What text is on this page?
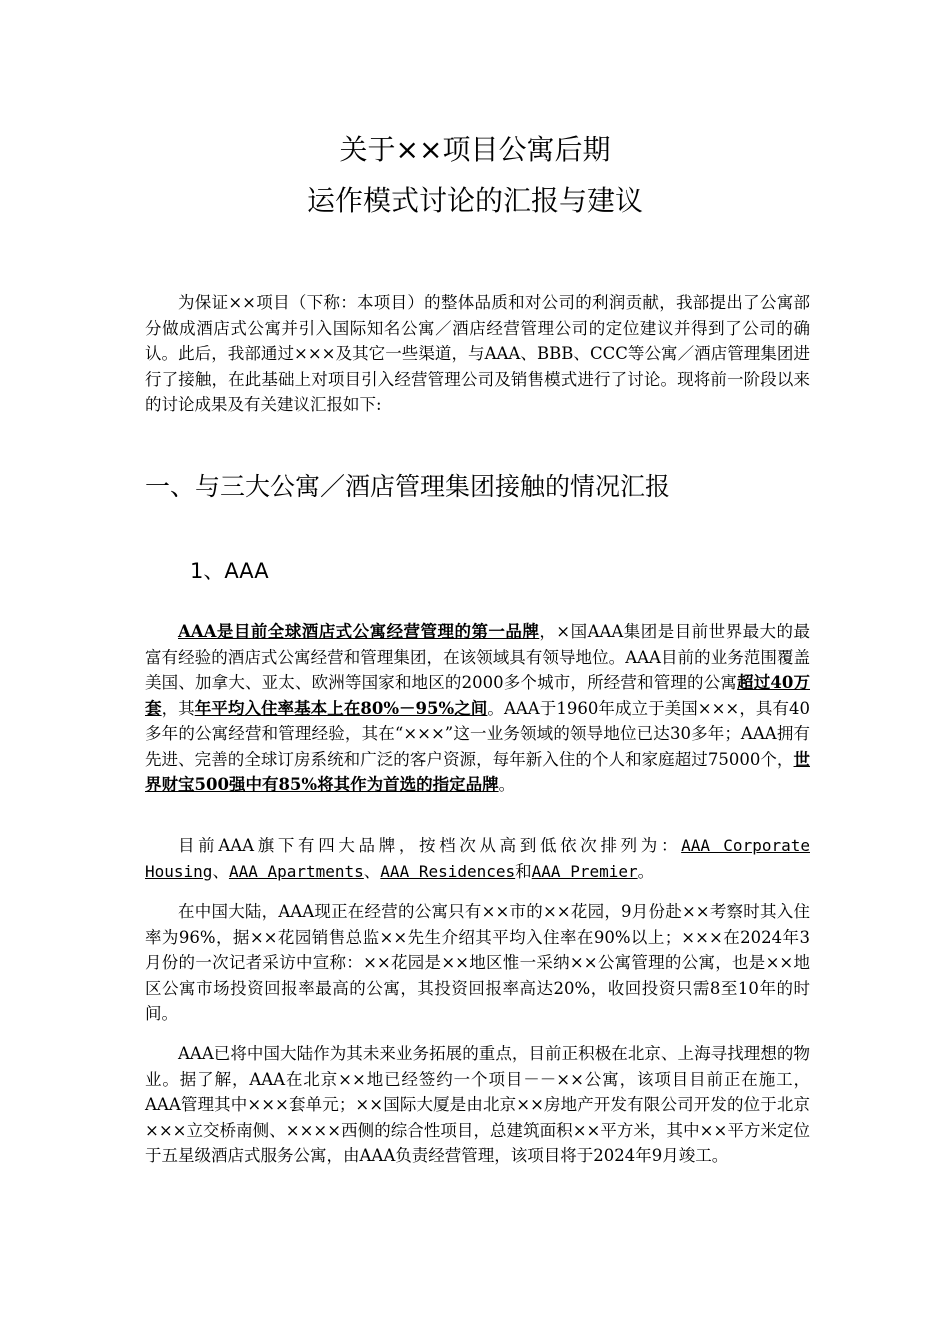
关于××项目公寓后期
运作模式讨论的汇报与建议

为保证××项目（下称：本项目）的整体品质和对公司的利润贡献，我部提出了公寓部分做成酒店式公寓并引入国际知名公寓／酒店经营管理公司的定位建议并得到了公司的确认。此后，我部通过×××及其它一些渠道，与AAA、BBB、CCC等公寓／酒店管理集团进行了接触，在此基础上对项目引入经营管理公司及销售模式进行了讨论。现将前一阶段以来的讨论成果及有关建议汇报如下:

一、与三大公寓／酒店管理集团接触的情况汇报
1、AAA

AAA是目前全球酒店式公寓经营管理的第一品牌，×国AAA集团是目前世界最大的最富有经验的酒店式公寓经营和管理集团，在该领域具有领导地位。AAA目前的业务范围覆盖美国、加拿大、亚太、欧洲等国家和地区的2000多个城市，所经营和管理的公寓超过40万套，其年平均入住率基本上在80%－95%之间。AAA于1960年成立于美国×××，具有40多年的公寓经营和管理经验，其在“×××”这一业务领域的领导地位已达30多年；AAA拥有先进、完善的全球订房系统和广泛的客户资源，每年新入住的个人和家庭超过75000个，世界财宝500强中有85%将其作为首选的指定品牌。

目前AAA旗下有四大品牌，按档次从高到低依次排列为：AAA Corporate Housing、AAA Apartments、AAA Residences和AAA Premier。

在中国大陆，AAA现正在经营的公寓只有××市的××花园，9月份赴××考察时其入住率为96%，据××花园销售总监××先生介绍其平均入住率在90%以上；×××在2024年3月份的一次记者采访中宣称：××花园是××地区惟一采纳××公寓管理的公寓，也是××地区公寓市场投资回报率最高的公寓，其投资回报率高达20%，收回投资只需8至10年的时间。

AAA已将中国大陆作为其未来业务拓展的重点，目前正积极在北京、上海寻找理想的物业。据了解，AAA在北京××地已经签约一个项目－－××公寓，该项目目前正在施工，AAA管理其中×××套单元；××国际大厦是由北京××房地产开发有限公司开发的位于北京×××立交桥南侧、××××西侧的综合性项目，总建筑面积××平方米，其中××平方米定位于五星级酒店式服务公寓，由AAA负责经营管理，该项目将于2024年9月竣工。
